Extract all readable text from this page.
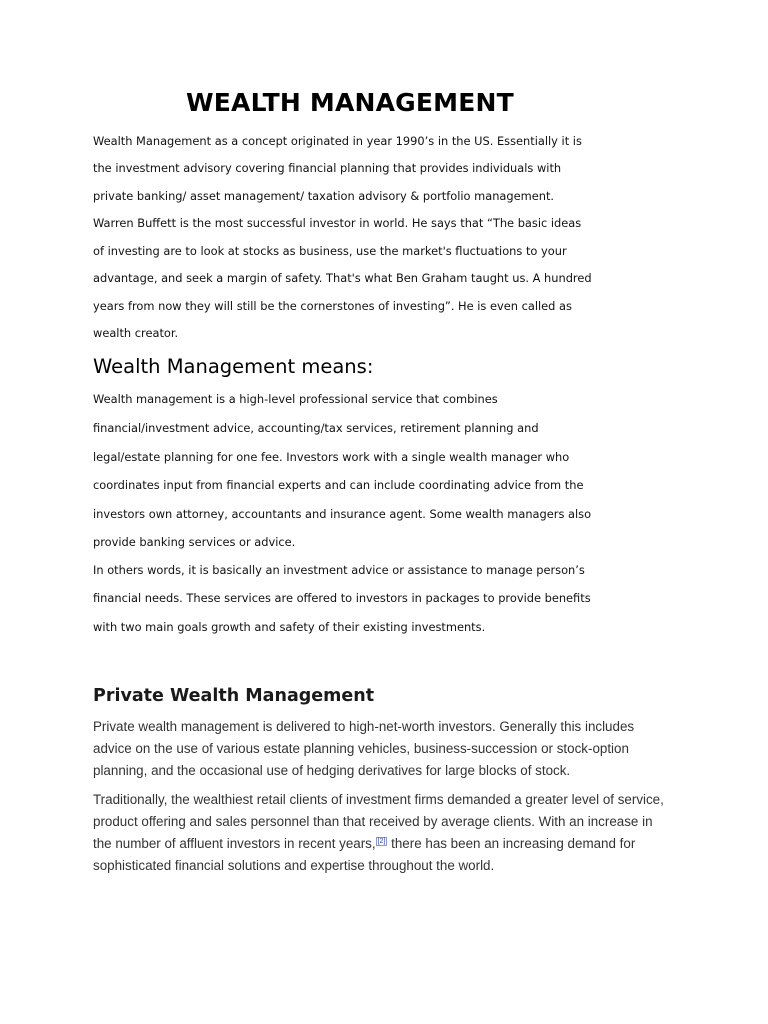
WEALTH MANAGEMENT
Wealth Management as a concept originated in year 1990’s in the US. Essentially it is
the investment advisory covering financial planning that provides individuals with
private banking/ asset management/ taxation advisory & portfolio management.
Warren Buffett is the most successful investor in world. He says that “The basic ideas
of investing are to look at stocks as business, use the market's fluctuations to your
advantage, and seek a margin of safety. That's what Ben Graham taught us. A hundred
years from now they will still be the cornerstones of investing”. He is even called as
wealth creator.
Wealth Management means:
Wealth management is a high-level professional service that combines
financial/investment advice, accounting/tax services, retirement planning and
legal/estate planning for one fee. Investors work with a single wealth manager who
coordinates input from financial experts and can include coordinating advice from the
investors own attorney, accountants and insurance agent. Some wealth managers also
provide banking services or advice.
In others words, it is basically an investment advice or assistance to manage person’s
financial needs. These services are offered to investors in packages to provide benefits
with two main goals growth and safety of their existing investments.
Private Wealth Management
Private wealth management is delivered to high-net-worth investors. Generally this includes
advice on the use of various estate planning vehicles, business-succession or stock-option
planning, and the occasional use of hedging derivatives for large blocks of stock.
Traditionally, the wealthiest retail clients of investment firms demanded a greater level of service,
product offering and sales personnel than that received by average clients. With an increase in
the number of affluent investors in recent years, [2] there has been an increasing demand for
sophisticated financial solutions and expertise throughout the world.
